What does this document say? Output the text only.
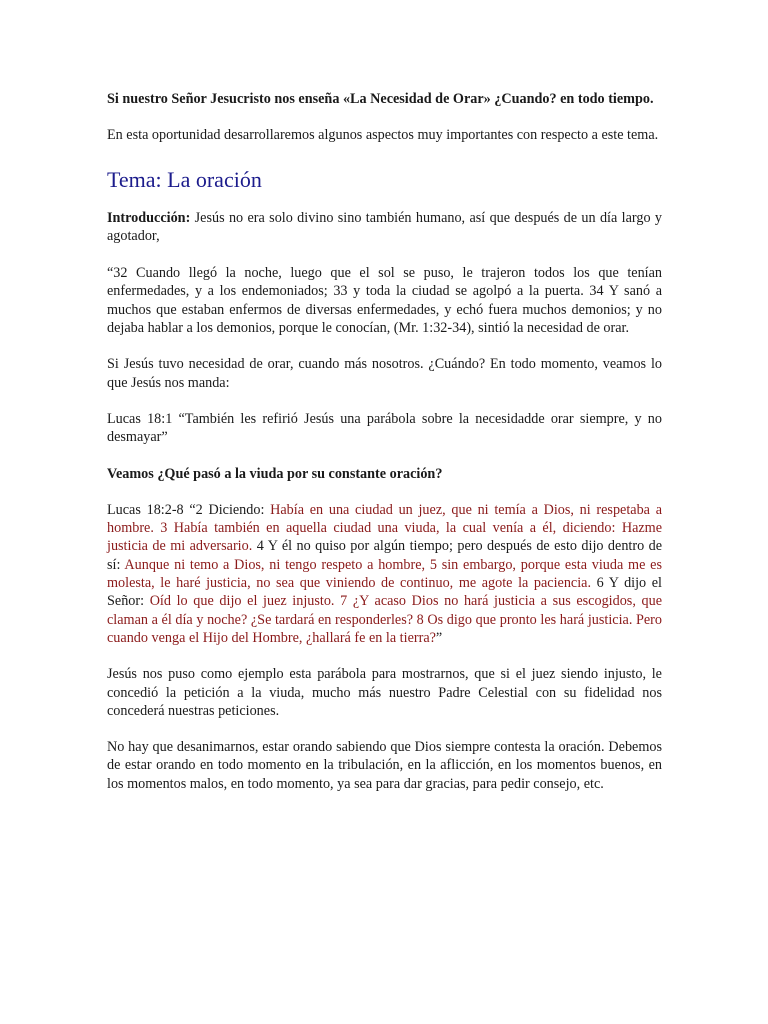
Si nuestro Señor Jesucristo nos enseña «La Necesidad de Orar» ¿Cuando? en todo tiempo.

En esta oportunidad desarrollaremos algunos aspectos muy importantes con respecto a este tema.

Tema: La oración

Introducción: Jesús no era solo divino sino también humano, así que después de un día largo y agotador,

“32 Cuando llegó la noche, luego que el sol se puso, le trajeron todos los que tenían enfermedades, y a los endemoniados; 33 y toda la ciudad se agolpó a la puerta. 34 Y sanó a muchos que estaban enfermos de diversas enfermedades, y echó fuera muchos demonios; y no dejaba hablar a los demonios, porque le conocían, (Mr. 1:32-34), sintió la necesidad de orar.

Si Jesús tuvo necesidad de orar, cuando más nosotros. ¿Cuándo? En todo momento, veamos lo que Jesús nos manda:

Lucas 18:1 “También les refirió Jesús una parábola sobre la necesidadde orar siempre, y no desmayar”

Veamos ¿Qué pasó a la viuda por su constante oración?

Lucas 18:2-8 “2 Diciendo: Había en una ciudad un juez, que ni temía a Dios, ni respetaba a hombre. 3 Había también en aquella ciudad una viuda, la cual venía a él, diciendo: Hazme justicia de mi adversario. 4 Y él no quiso por algún tiempo; pero después de esto dijo dentro de sí: Aunque ni temo a Dios, ni tengo respeto a hombre, 5 sin embargo, porque esta viuda me es molesta, le haré justicia, no sea que viniendo de continuo, me agote la paciencia. 6 Y dijo el Señor: Oíd lo que dijo el juez injusto. 7 ¿Y acaso Dios no hará justicia a sus escogidos, que claman a él día y noche? ¿Se tardará en responderles? 8 Os digo que pronto les hará justicia. Pero cuando venga el Hijo del Hombre, ¿hallará fe en la tierra?”

Jesús nos puso como ejemplo esta parábola para mostrarnos, que si el juez siendo injusto, le concedió la petición a la viuda, mucho más nuestro Padre Celestial con su fidelidad nos concederá nuestras peticiones.

No hay que desanimarnos, estar orando sabiendo que Dios siempre contesta la oración. Debemos de estar orando en todo momento en la tribulación, en la aflicción, en los momentos buenos, en los momentos malos, en todo momento, ya sea para dar gracias, para pedir consejo, etc.
